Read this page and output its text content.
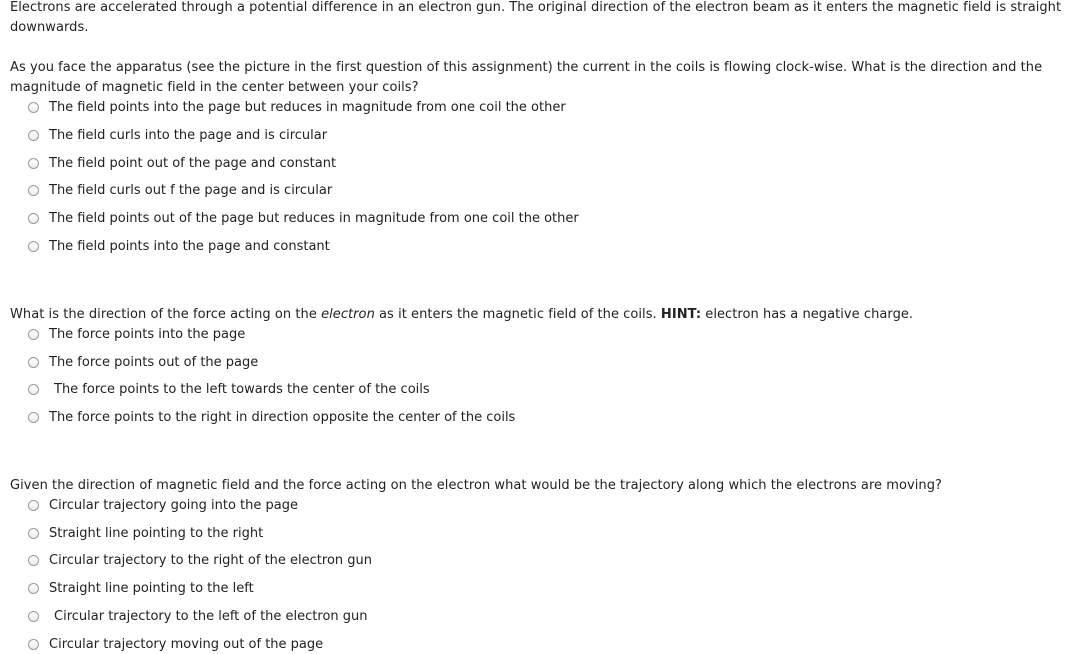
Electrons are accelerated through a potential difference in an electron gun. The original direction of the electron beam as it enters the magnetic field is straight downwards.

As you face the apparatus (see the picture in the first question of this assignment) the current in the coils is flowing clock-wise. What is the direction and the magnitude of magnetic field in the center between your coils?

The field points into the page but reduces in magnitude from one coil the other
The field curls into the page and is circular
The field point out of the page and constant
The field curls out f the page and is circular
The field points out of the page but reduces in magnitude from one coil the other
The field points into the page and constant

What is the direction of the force acting on the electron as it enters the magnetic field of the coils. HINT: electron has a negative charge.

The force points into the page
The force points out of the page
The force points to the left towards the center of the coils
The force points to the right in direction opposite the center of the coils

Given the direction of magnetic field and the force acting on the electron what would be the trajectory along which the electrons are moving?

Circular trajectory going into the page
Straight line pointing to the right
Circular trajectory to the right of the electron gun
Straight line pointing to the left
Circular trajectory to the left of the electron gun
Circular trajectory moving out of the page
